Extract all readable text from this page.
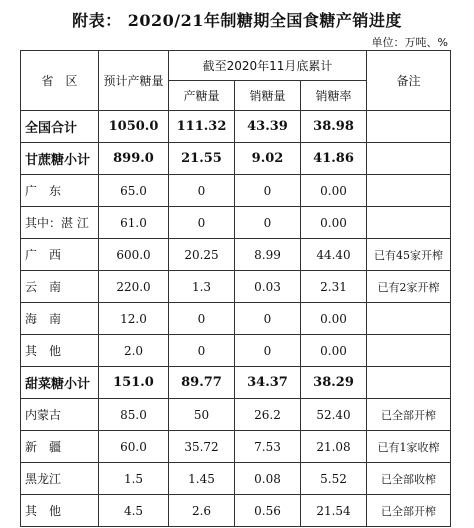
附表： 2020/21年制糖期全国食糖产销进度
单位：万吨、%
省　区	预计产糖量	截至2020年11月底累计			备注
		产糖量	销糖量	销糖率	
全国合计	1050.0	111.32	43.39	38.98	
甘蔗糖小计	899.0	21.55	9.02	41.86	
广　东	65.0	0	0	0.00	
其中：湛 江	61.0	0	0	0.00	
广　西	600.0	20.25	8.99	44.40	已有45家开榨
云　南	220.0	1.3	0.03	2.31	已有2家开榨
海　南	12.0	0	0	0.00	
其　他	2.0	0	0	0.00	
甜菜糖小计	151.0	89.77	34.37	38.29	
内蒙古	85.0	50	26.2	52.40	已全部开榨
新　疆	60.0	35.72	7.53	21.08	已有1家收榨
黑龙江	1.5	1.45	0.08	5.52	已全部收榨
其　他	4.5	2.6	0.56	21.54	已全部开榨
